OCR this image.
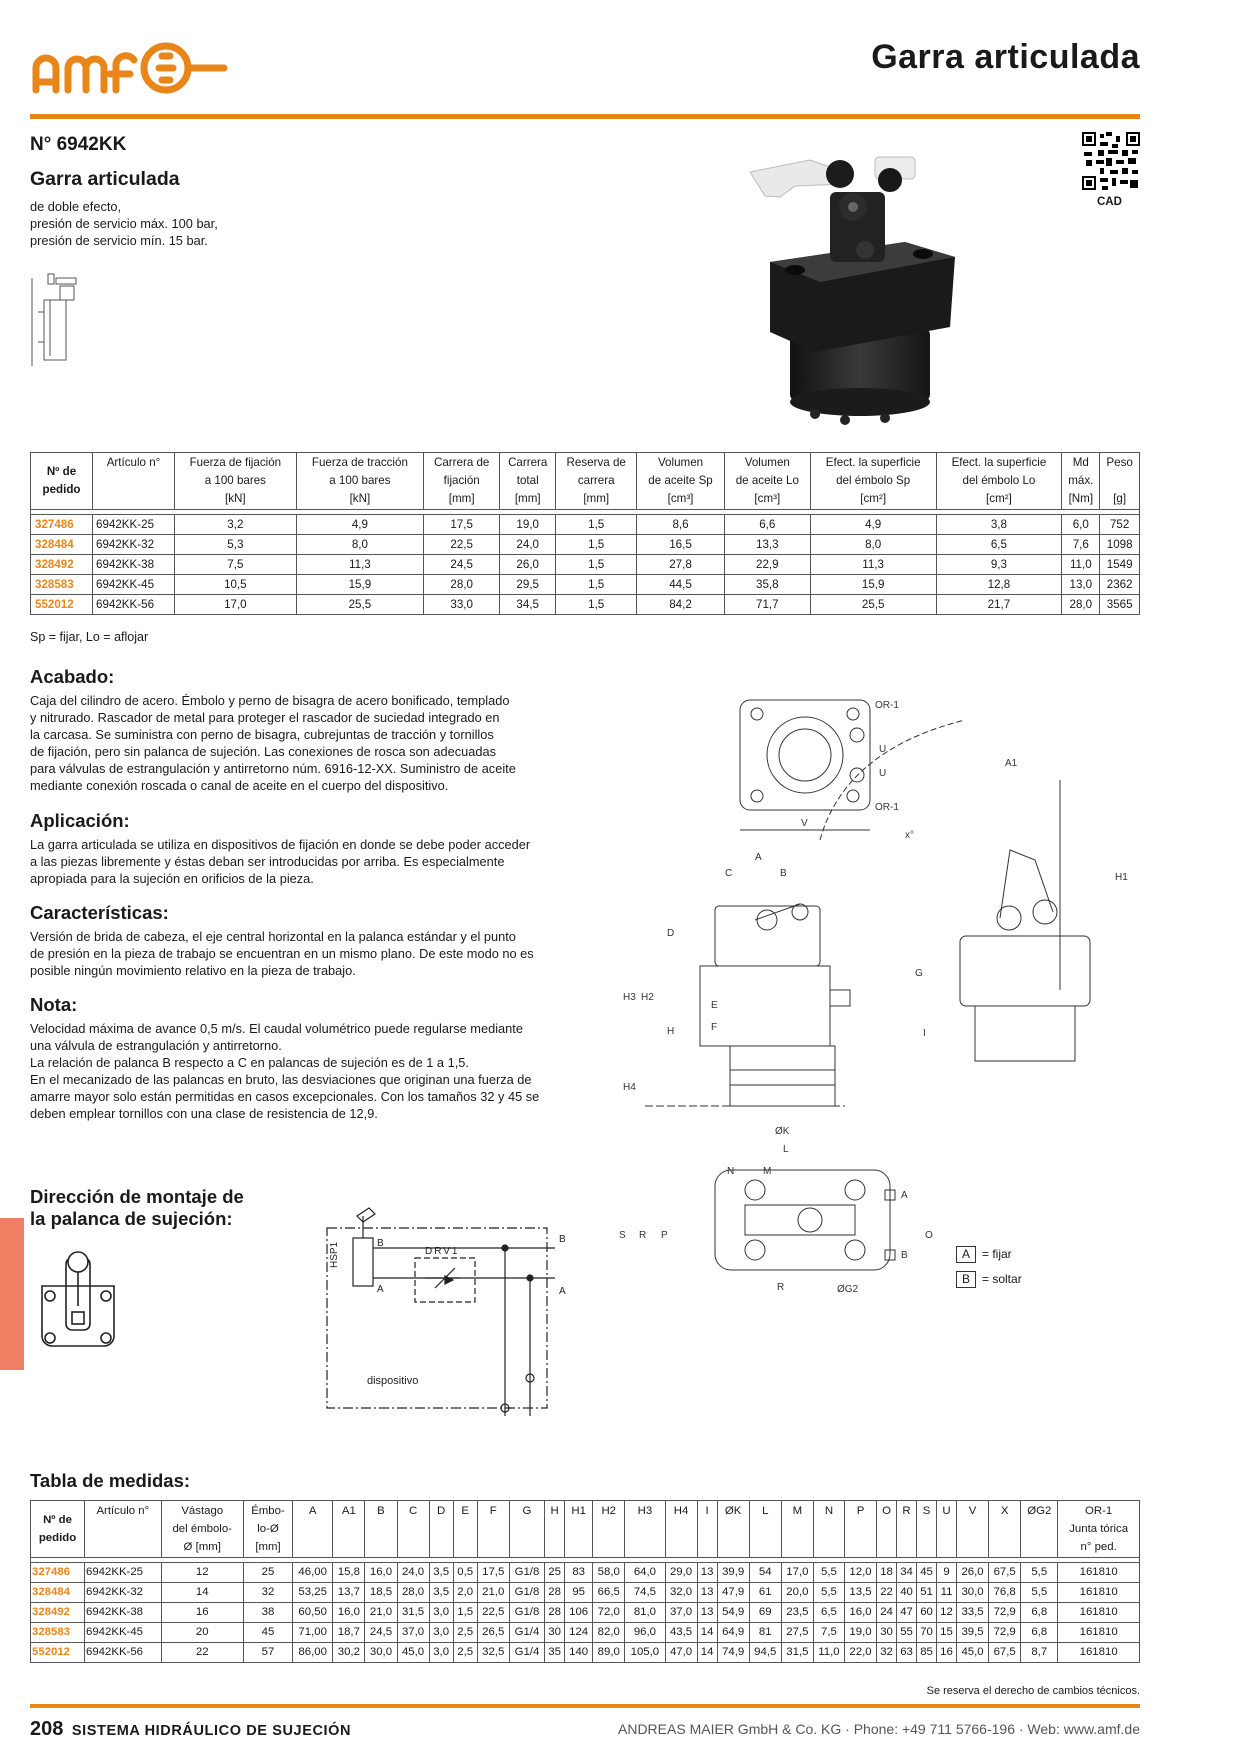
Garra articulada
N° 6942KK
Garra articulada
de doble efecto,
presión de servicio máx. 100 bar,
presión de servicio mín. 15 bar.
CAD
Nº de
pedido	Artículo n°	Fuerza de fijación
a 100 bares
[kN]	Fuerza de tracción
a 100 bares
[kN]	Carrera de
fijación
[mm]	Carrera
total
[mm]	Reserva de
carrera
[mm]	Volumen
de aceite Sp
[cm³]	Volumen
de aceite Lo
[cm³]	Efect. la superficie
del émbolo Sp
[cm²]	Efect. la superficie
del émbolo Lo
[cm²]	Md
máx.
[Nm]	Peso

[g]

327486	6942KK-25	3,2	4,9	17,5	19,0	1,5	8,6	6,6	4,9	3,8	6,0	752
328484	6942KK-32	5,3	8,0	22,5	24,0	1,5	16,5	13,3	8,0	6,5	7,6	1098
328492	6942KK-38	7,5	11,3	24,5	26,0	1,5	27,8	22,9	11,3	9,3	11,0	1549
328583	6942KK-45	10,5	15,9	28,0	29,5	1,5	44,5	35,8	15,9	12,8	13,0	2362
552012	6942KK-56	17,0	25,5	33,0	34,5	1,5	84,2	71,7	25,5	21,7	28,0	3565
Sp = fijar, Lo = aflojar
Acabado:
Caja del cilindro de acero. Émbolo y perno de bisagra de acero bonificado, templado
y nitrurado. Rascador de metal para proteger el rascador de suciedad integrado en
la carcasa. Se suministra con perno de bisagra, cubrejuntas de tracción y tornillos
de fijación, pero sin palanca de sujeción. Las conexiones de rosca son adecuadas
para válvulas de estrangulación y antirretorno núm. 6916-12-XX. Suministro de aceite
mediante conexión roscada o canal de aceite en el cuerpo del dispositivo.
Aplicación:
La garra articulada se utiliza en dispositivos de fijación en donde se debe poder acceder
a las piezas libremente y éstas deban ser introducidas por arriba. Es especialmente
apropiada para la sujeción en orificios de la pieza.
Características:
Versión de brida de cabeza, el eje central horizontal en la palanca estándar y el punto
de presión en la pieza de trabajo se encuentran en un mismo plano. De este modo no es
posible ningún movimiento relativo en la pieza de trabajo.
Nota:
Velocidad máxima de avance 0,5 m/s. El caudal volumétrico puede regularse mediante
una válvula de estrangulación y antirretorno.
La relación de palanca B respecto a C en palancas de sujeción es de 1 a 1,5.
En el mecanizado de las palancas en bruto, las desviaciones que originan una fuerza de
amarre mayor solo están permitidas en casos excepcionales. Con los tamaños 32 y 45 se
deben emplear tornillos con una clase de resistencia de 12,9.
Dirección de montaje de
la palanca de sujeción:
HSP1	DRV1
B
A
B
A
dispositivo
OR-1
U
U
OR-1
V
A1
x°
A
C	B
D
H1
H3 H2
E
F
G
H	I
H4
ØK
L
N	M
S R P	O
R	ØG2
A
B	A = fijar
B = soltar
Tabla de medidas:
Nº de
pedido	Artículo n°	Vástago
del émbolo-
Ø [mm]	Émbo-
lo-Ø
[mm]	A	A1	B	C	D	E	F	G	H	H1	H2	H3	H4	I	ØK	L	M	N	P	O	R	S	U	V	X	ØG2	OR-1
Junta tórica
n° ped.

327486	6942KK-25	12	25	46,00	15,8	16,0	24,0	3,5	0,5	17,5	G1/8	25	83	58,0	64,0	29,0	13	39,9	54	17,0	5,5	12,0	18	34	45	9	26,0	67,5	5,5	161810
328484	6942KK-32	14	32	53,25	13,7	18,5	28,0	3,5	2,0	21,0	G1/8	28	95	66,5	74,5	32,0	13	47,9	61	20,0	5,5	13,5	22	40	51	11	30,0	76,8	5,5	161810
328492	6942KK-38	16	38	60,50	16,0	21,0	31,5	3,0	1,5	22,5	G1/8	28	106	72,0	81,0	37,0	13	54,9	69	23,5	6,5	16,0	24	47	60	12	33,5	72,9	6,8	161810
328583	6942KK-45	20	45	71,00	18,7	24,5	37,0	3,0	2,5	26,5	G1/4	30	124	82,0	96,0	43,5	14	64,9	81	27,5	7,5	19,0	30	55	70	15	39,5	72,9	6,8	161810
552012	6942KK-56	22	57	86,00	30,2	30,0	45,0	3,0	2,5	32,5	G1/4	35	140	89,0	105,0	47,0	14	74,9	94,5	31,5	11,0	22,0	32	63	85	16	45,0	67,5	8,7	161810
Se reserva el derecho de cambios técnicos.
208 SISTEMA HIDRÁULICO DE SUJECIÓN	ANDREAS MAIER GmbH & Co. KG · Phone: +49 711 5766-196 · Web: www.amf.de
